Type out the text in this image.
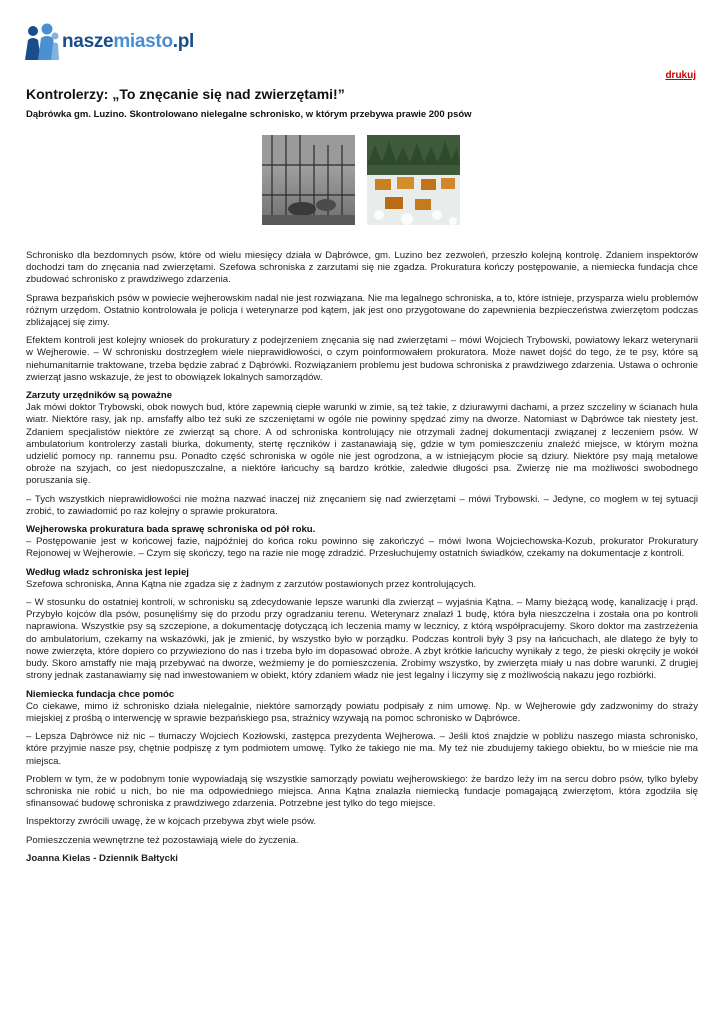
naszemiasto.pl
drukuj
Kontrolerzy: „To znęcanie się nad zwierzętami!”
Dąbrówka gm. Luzino. Skontrolowano nielegalne schronisko, w którym przebywa prawie 200 psów

Schronisko dla bezdomnych psów, które od wielu miesięcy działa w Dąbrówce, gm. Luzino bez zezwoleń, przeszło kolejną kontrolę. Zdaniem inspektorów dochodzi tam do znęcania nad zwierzętami. Szefowa schroniska z zarzutami się nie zgadza. Prokuratura kończy postępowanie, a niemiecka fundacja chce zbudować schronisko z prawdziwego zdarzenia.

Sprawa bezpańskich psów w powiecie wejherowskim nadal nie jest rozwiązana. Nie ma legalnego schroniska, a to, które istnieje, przysparza wielu problemów różnym urzędom. Ostatnio kontrolowała je policja i weterynarze pod kątem, jak jest ono przygotowane do zapewnienia bezpieczeństwa zwierzętom podczas zbliżającej się zimy.

Efektem kontroli jest kolejny wniosek do prokuratury z podejrzeniem znęcania się nad zwierzętami – mówi Wojciech Trybowski, powiatowy lekarz weterynarii w Wejherowie. – W schronisku dostrzegłem wiele nieprawidłowości, o czym poinformowałem prokuratora. Może nawet dojść do tego, że te psy, które są niehumanitarnie traktowane, trzeba będzie zabrać z Dąbrówki. Rozwiązaniem problemu jest budowa schroniska z prawdziwego zdarzenia. Ustawa o ochronie zwierząt jasno wskazuje, że jest to obowiązek lokalnych samorządów.

Zarzuty urzędników są poważne

Jak mówi doktor Trybowski, obok nowych bud, które zapewnią ciepłe warunki w zimie, są też takie, z dziurawymi dachami, a przez szczeliny w ścianach hula wiatr. Niektóre rasy, jak np. amsfaffy albo też suki ze szczeniętami w ogóle nie powinny spędzać zimy na dworze. Natomiast w Dąbrówce tak niestety jest. Zdaniem specjalistów niektóre ze zwierząt są chore. A od schroniska kontrolujący nie otrzymali żadnej dokumentacji związanej z leczeniem psów. W ambulatorium kontrolerzy zastali biurka, dokumenty, stertę ręczników i zastanawiają się, gdzie w tym pomieszczeniu znaleźć miejsce, w którym można udzielić pomocy np. rannemu psu. Ponadto część schroniska w ogóle nie jest ogrodzona, a w istniejącym płocie są dziury. Niektóre psy mają metalowe obroże na szyjach, co jest niedopuszczalne, a niektóre łańcuchy są bardzo krótkie, zaledwie długości psa. Zwierzę nie ma możliwości swobodnego poruszania się.

– Tych wszystkich nieprawidłowości nie można nazwać inaczej niż znęcaniem się nad zwierzętami – mówi Trybowski. – Jedyne, co mogłem w tej sytuacji zrobić, to zawiadomić po raz kolejny o sprawie prokuratora.

Wejherowska prokuratura bada sprawę schroniska od pół roku.

– Postępowanie jest w końcowej fazie, najpóźniej do końca roku powinno się zakończyć – mówi Iwona Wojciechowska-Kozub, prokurator Prokuratury Rejonowej w Wejherowie. – Czym się skończy, tego na razie nie mogę zdradzić. Przesłuchujemy ostatnich świadków, czekamy na dokumentacje z kontroli.

Według władz schroniska jest lepiej

Szefowa schroniska, Anna Kątna nie zgadza się z żadnym z zarzutów postawionych przez kontrolujących.

– W stosunku do ostatniej kontroli, w schronisku są zdecydowanie lepsze warunki dla zwierząt – wyjaśnia Kątna. – Mamy bieżącą wodę, kanalizację i prąd. Przybyło kojców dla psów, posunęliśmy się do przodu przy ogradzaniu terenu. Weterynarz znalazł 1 budę, która była nieszczelna i została ona po kontroli naprawiona. Wszystkie psy są szczepione, a dokumentację dotyczącą ich leczenia mamy w lecznicy, z którą współpracujemy. Skoro doktor ma zastrzeżenia do ambulatorium, czekamy na wskazówki, jak je zmienić, by wszystko było w porządku. Podczas kontroli były 3 psy na łańcuchach, ale dlatego że były to nowe zwierzęta, które dopiero co przywieziono do nas i trzeba było im dopasować obroże. A zbyt krótkie łańcuchy wynikały z tego, że pieski okręciły je wokół budy. Skoro amstaffy nie mają przebywać na dworze, weźmiemy je do pomieszczenia. Zrobimy wszystko, by zwierzęta miały u nas dobre warunki. Z drugiej strony jednak zastanawiamy się nad inwestowaniem w obiekt, który zdaniem władz nie jest legalny i liczymy się z możliwością nakazu jego rozbiórki.

Niemiecka fundacja chce pomóc

Co ciekawe, mimo iż schronisko działa nielegalnie, niektóre samorządy powiatu podpisały z nim umowę. Np. w Wejherowie gdy zadzwonimy do straży miejskiej z prośbą o interwencję w sprawie bezpańskiego psa, strażnicy wzywają na pomoc schronisko w Dąbrówce.

– Lepsza Dąbrówce niż nic – tłumaczy Wojciech Kozłowski, zastępca prezydenta Wejherowa. – Jeśli ktoś znajdzie w pobliżu naszego miasta schronisko, które przyjmie nasze psy, chętnie podpiszę z tym podmiotem umowę. Tylko że takiego nie ma. My też nie zbudujemy takiego obiektu, bo w mieście nie ma miejsca.

Problem w tym, że w podobnym tonie wypowiadają się wszystkie samorządy powiatu wejherowskiego: że bardzo leży im na sercu dobro psów, tylko byleby schroniska nie robić u nich, bo nie ma odpowiedniego miejsca. Anna Kątna znalazła niemiecką fundacje pomagającą zwierzętom, która zgodziła się sfinansować budowę schroniska z prawdziwego zdarzenia. Potrzebne jest tylko do tego miejsce.

Inspektorzy zwrócili uwagę, że w kojcach przebywa zbyt wiele psów.

Pomieszczenia wewnętrzne też pozostawiają wiele do życzenia.

Joanna Kielas - Dziennik Bałtycki
